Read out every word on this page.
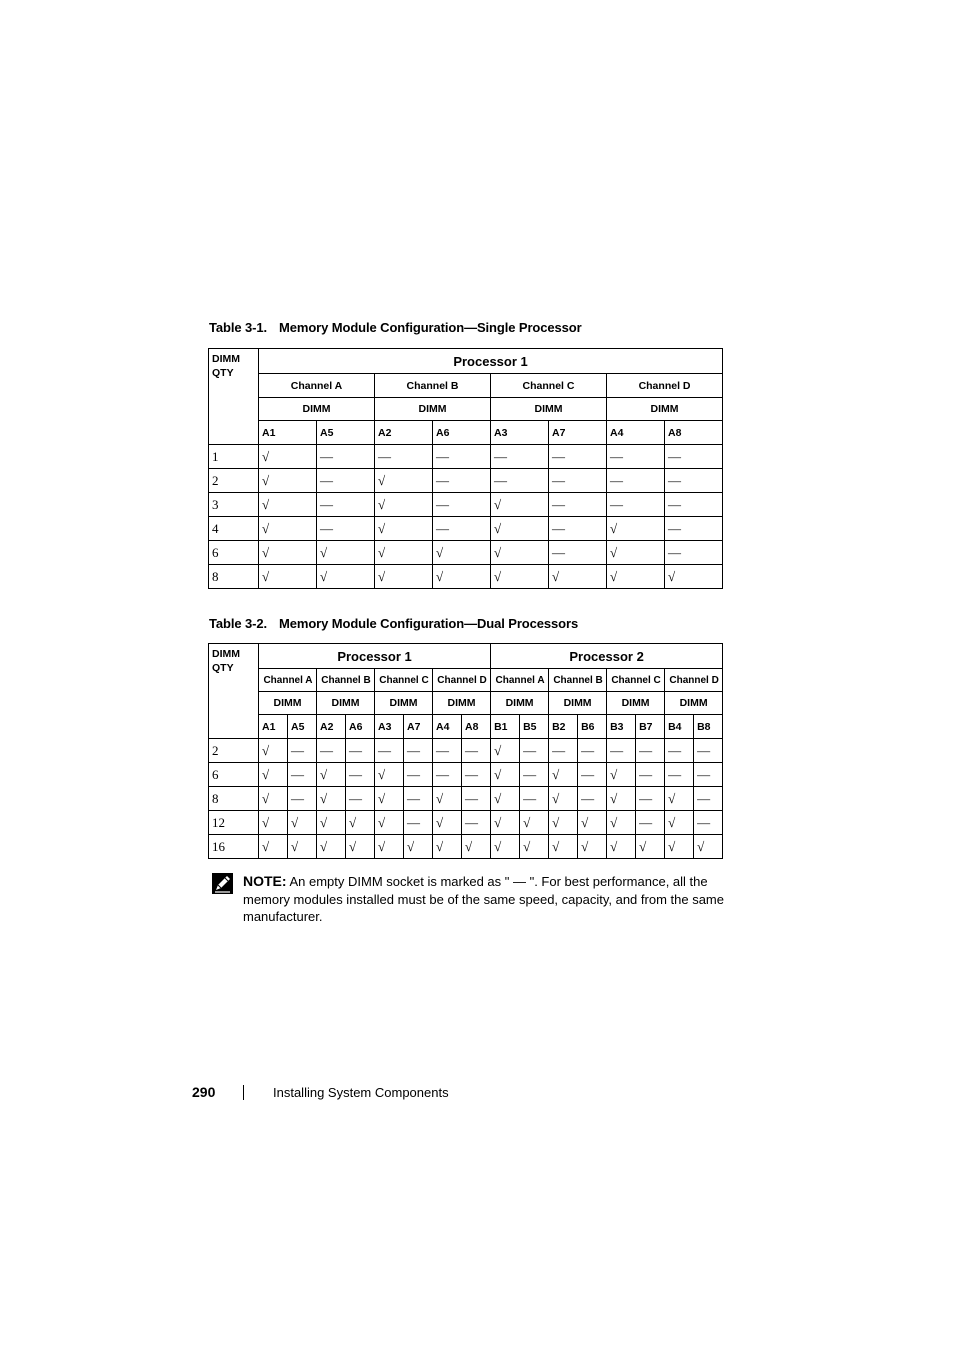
Table 3-1. Memory Module Configuration—Single Processor
DIMM
QTY	Processor 1							
	Channel A		Channel B		Channel C		Channel D	
	DIMM		DIMM		DIMM		DIMM	
	A1	A5	A2	A6	A3	A7	A4	A8
1	√	—	—	—	—	—	—	—
2	√	—	√	—	—	—	—	—
3	√	—	√	—	√	—	—	—
4	√	—	√	—	√	—	√	—
6	√	√	√	√	√	—	√	—
8	√	√	√	√	√	√	√	√
Table 3-2. Memory Module Configuration—Dual Processors
DIMM
QTY	Processor 1								Processor 2							
	Channel A		Channel B		Channel C		Channel D		Channel A		Channel B		Channel C		Channel D	
	DIMM		DIMM		DIMM		DIMM		DIMM		DIMM		DIMM		DIMM	
	A1	A5	A2	A6	A3	A7	A4	A8	B1	B5	B2	B6	B3	B7	B4	B8
2	√	—	—	—	—	—	—	—	√	—	—	—	—	—	—	—
6	√	—	√	—	√	—	—	—	√	—	√	—	√	—	—	—
8	√	—	√	—	√	—	√	—	√	—	√	—	√	—	√	—
12	√	√	√	√	√	—	√	—	√	√	√	√	√	—	√	—
16	√	√	√	√	√	√	√	√	√	√	√	√	√	√	√	√
NOTE: An empty DIMM socket is marked as " — ". For best performance, all the memory modules installed must be of the same speed, capacity, and from the same manufacturer.
290	Installing System Components
